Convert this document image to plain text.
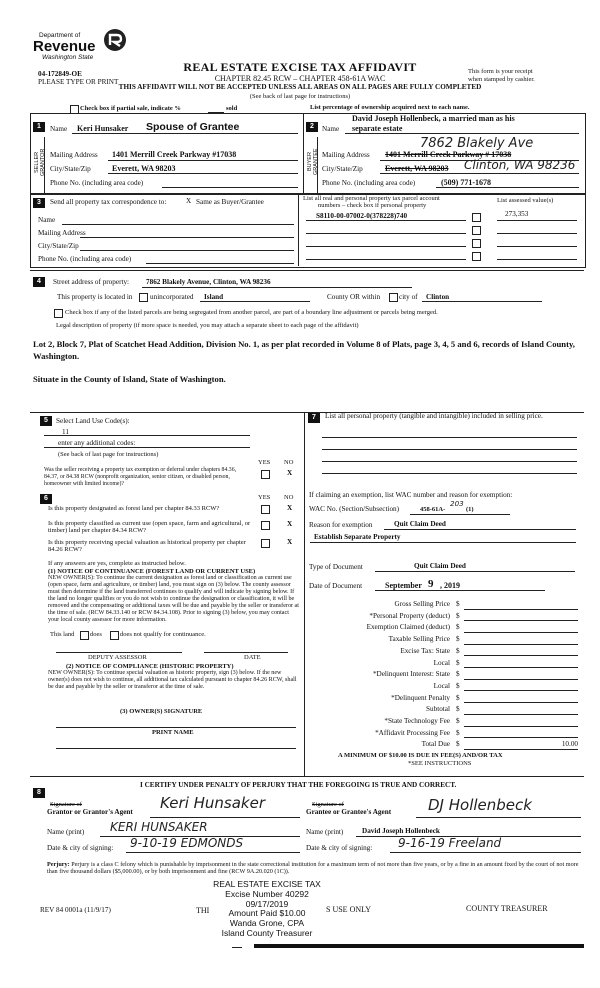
Department of
Revenue
Washington State
04-172849-OE
PLEASE TYPE OR PRINT
REAL ESTATE EXCISE TAX AFFIDAVIT
CHAPTER 82.45 RCW – CHAPTER 458-61A WAC
THIS AFFIDAVIT WILL NOT BE ACCEPTED UNLESS ALL AREAS ON ALL PAGES ARE FULLY COMPLETED
(See back of last page for instructions)
This form is your receipt
when stamped by cashier.
Check box if partial sale, indicate %	sold	List percentage of ownership acquired next to each name.
1	2
SELLER GRANTOR	BUYER GRANTEE
Name Keri Hunsaker Spouse of Grantee
Mailing Address 1401 Merrill Creek Parkway #17038
City/State/Zip	Everett, WA 98203
Phone No. (including area code)
David Joseph Hollenbeck, a married man as his
Name separate estate
7862 Blakely Ave
Mailing Address 1401 Merrill Creek Parkway # 17038
City/State/Zip	Everett, WA 98203 Clinton, WA 98236
Phone No. (including area code)	(509) 771-1678
3	Send all property tax correspondence to:	X Same as Buyer/Grantee
Name
Mailing Address
City/State/Zip
Phone No. (including area code)
List all real and personal property tax parcel account
numbers – check box if personal property
List assessed value(s)
S8110-00-07002-0(378228)740	273,353
4	Street address of property: 7862 Blakely Avenue, Clinton, WA 98236
This property is located in unincorporated Island	County OR within	city of Clinton
Check box if any of the listed parcels are being segregated from another parcel, are part of a boundary line adjustment or parcels being merged.
Legal description of property (if more space is needed, you may attach a separate sheet to each page of the affidavit)
Lot 2, Block 7, Plat of Scatchet Head Addition, Division No. 1, as per plat recorded in Volume 8 of Plats, page 3, 4, 5 and 6, records of Island County, Washington.
Situate in the County of Island, State of Washington.
5	Select Land Use Code(s):
11
enter any additional codes:
(See back of last page for instructions)
YES NO
Was the seller receiving a property tax exemption or deferral under chapters 84.36, 84.37, or 84.38 RCW (nonprofit organization, senior citizen, or disabled person, homeowner with limited income)?
X
6	YES NO
Is this property designated as forest land per chapter 84.33 RCW?	X
Is this property classified as current use (open space, farm and agricultural, or timber) land per chapter 84.34 RCW?
X
Is this property receiving special valuation as historical property per chapter 84.26 RCW?
X
If any answers are yes, complete as instructed below.
(1) NOTICE OF CONTINUANCE (FOREST LAND OR CURRENT USE)
NEW OWNER(S): To continue the current designation as forest land or classification as current use (open space, farm and agriculture, or timber) land, you must sign on (3) below. The county assessor must then determine if the land transferred continues to qualify and will indicate by signing below. If the land no longer qualifies or you do not wish to continue the designation or classification, it will be removed and the compensating or additional taxes will be due and payable by the seller or transferor at the time of sale. (RCW 84.33.140 or RCW 84.34.108). Prior to signing (3) below, you may contact your local county assessor for more information.
This land does	does not qualify for continuance.
DEPUTY ASSESSOR	DATE
(2) NOTICE OF COMPLIANCE (HISTORIC PROPERTY)
NEW OWNER(S): To continue special valuation as historic property, sign (3) below. If the new owner(s) does not wish to continue, all additional tax calculated pursuant to chapter 84.26 RCW, shall be due and payable by the seller or transferor at the time of sale.
(3) OWNER(S) SIGNATURE
PRINT NAME
7	List all personal property (tangible and intangible) included in selling price.
If claiming an exemption, list WAC number and reason for exemption:
WAC No. (Section/Subsection)	458-61A-
203
(1)
Reason for exemption	Quit Claim Deed
Establish Separate Property
Type of Document	Quit Claim Deed
Date of Document	September 9 , 2019
Gross Selling Price $
*Personal Property (deduct) $
Exemption Claimed (deduct) $
Taxable Selling Price $
Excise Tax: State $
Local $
*Delinquent Interest: State $
Local $
*Delinquent Penalty $
Subtotal $
*State Technology Fee $
*Affidavit Processing Fee $
Total Due $	10.00
A MINIMUM OF $10.00 IS DUE IN FEE(S) AND/OR TAX
*SEE INSTRUCTIONS
8
I CERTIFY UNDER PENALTY OF PERJURY THAT THE FOREGOING IS TRUE AND CORRECT.
Signature of
Grantor or Grantor's Agent Keri Hunsaker
Name (print) KERI HUNSAKER
Date & city of signing: 9-10-19 EDMONDS
Signature of
Grantee or Grantee's Agent DJ Hollenbeck
Name (print)	David Joseph Hollenbeck
Date & city of signing: 9-16-19 Freeland
Perjury: Perjury is a class C felony which is punishable by imprisonment in the state correctional institution for a maximum term of not more than five years, or by a fine in an amount fixed by the court of not more than five thousand dollars ($5,000.00), or by both imprisonment and fine (RCW 9A.20.020 (1C)).
REV 84 0001a (11/9/17)	THI	S USE ONLY	COUNTY TREASURER
REAL ESTATE EXCISE TAX
Excise Number 40292
09/17/2019
Amount Paid $10.00
Wanda Grone, CPA
Island County Treasurer
